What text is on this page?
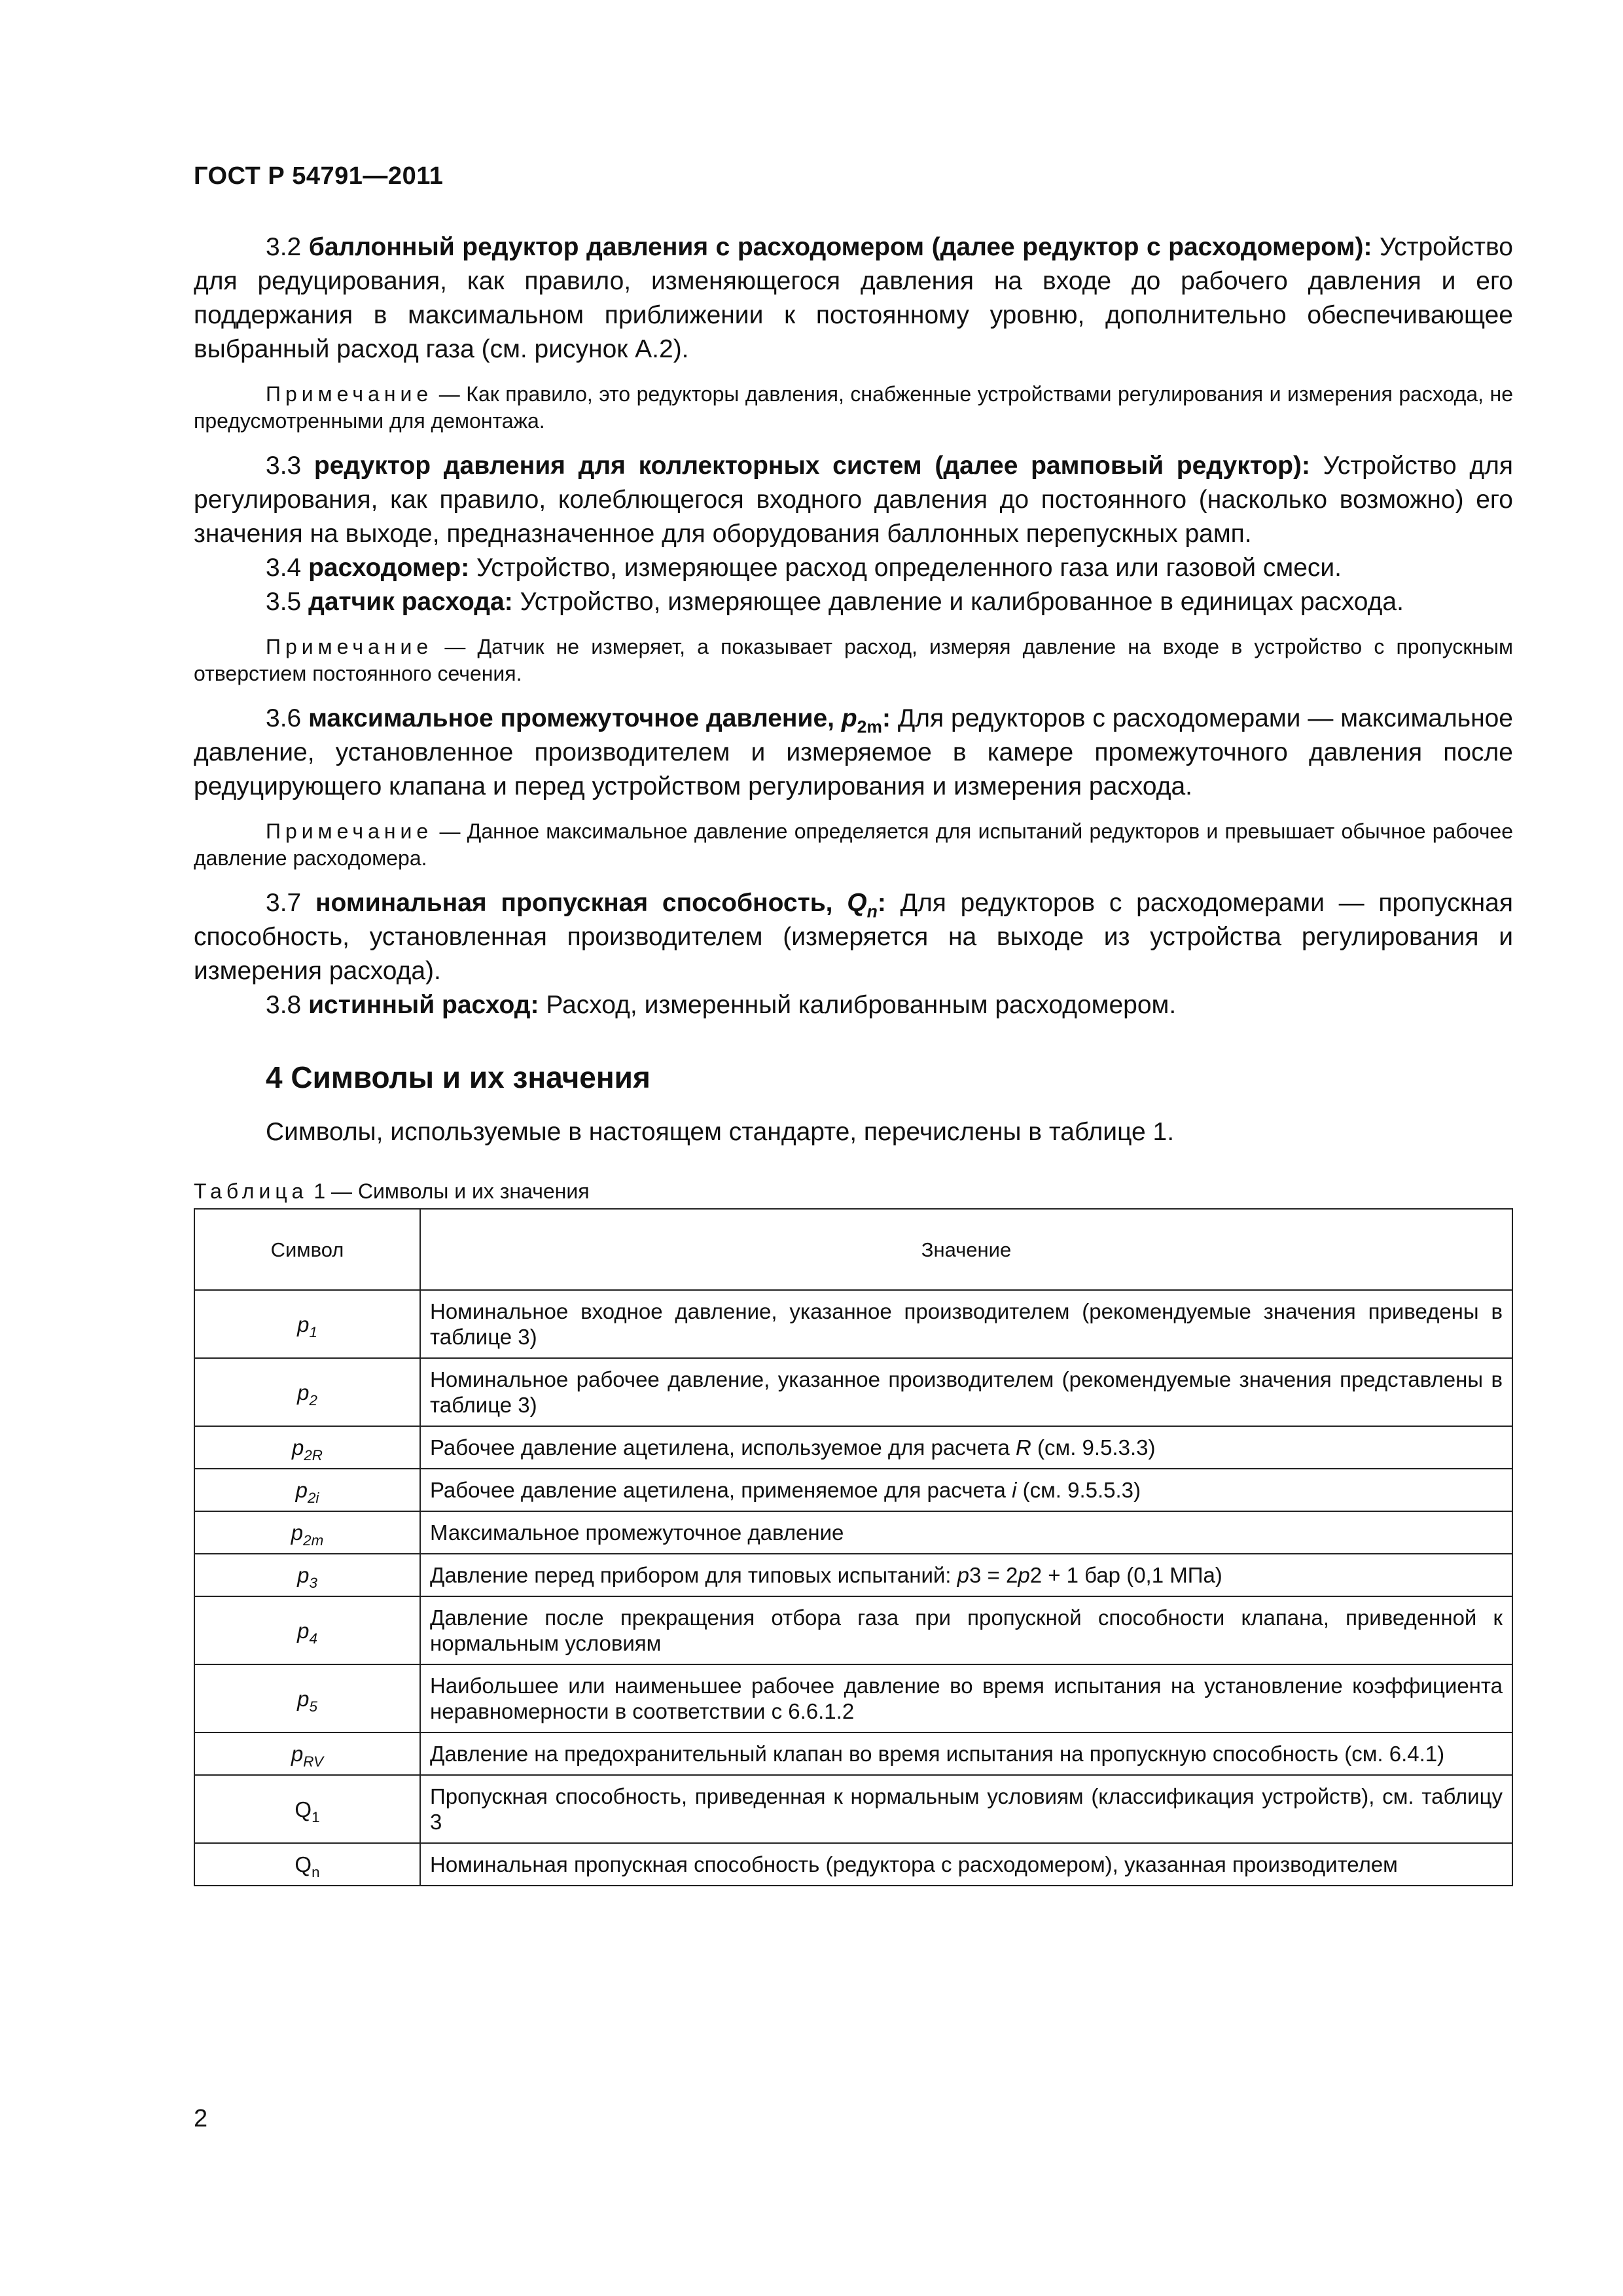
ГОСТ Р 54791—2011

3.2 баллонный редуктор давления с расходомером (далее редуктор с расходомером): Устройство для редуцирования, как правило, изменяющегося давления на входе до рабочего давления и его поддержания в максимальном приближении к постоянному уровню, дополнительно обеспечивающее выбранный расход газа (см. рисунок А.2).

Примечание — Как правило, это редукторы давления, снабженные устройствами регулирования и измерения расхода, не предусмотренными для демонтажа.

3.3 редуктор давления для коллекторных систем (далее рамповый редуктор): Устройство для регулирования, как правило, колеблющегося входного давления до постоянного (насколько возможно) его значения на выходе, предназначенное для оборудования баллонных перепускных рамп.

3.4 расходомер: Устройство, измеряющее расход определенного газа или газовой смеси.

3.5 датчик расхода: Устройство, измеряющее давление и калиброванное в единицах расхода.

Примечание — Датчик не измеряет, а показывает расход, измеряя давление на входе в устройство с пропускным отверстием постоянного сечения.

3.6 максимальное промежуточное давление, $p_{2m}$: Для редукторов с расходомерами — максимальное давление, установленное производителем и измеряемое в камере промежуточного давления после редуцирующего клапана и перед устройством регулирования и измерения расхода.

Примечание — Данное максимальное давление определяется для испытаний редукторов и превышает обычное рабочее давление расходомера.

3.7 номинальная пропускная способность, $Q_n$: Для редукторов с расходомерами — пропускная способность, установленная производителем (измеряется на выходе из устройства регулирования и измерения расхода).

3.8 истинный расход: Расход, измеренный калиброванным расходомером.

4 Символы и их значения

Символы, используемые в настоящем стандарте, перечислены в таблице 1.

Таблица 1 — Символы и их значения
Символ	Значение
$p_1$	Номинальное входное давление, указанное производителем (рекомендуемые значения приведены в таблице 3)
$p_2$	Номинальное рабочее давление, указанное производителем (рекомендуемые значения представлены в таблице 3)
$p_{2R}$	Рабочее давление ацетилена, используемое для расчета R (см. 9.5.3.3)
$p_{2i}$	Рабочее давление ацетилена, применяемое для расчета i (см. 9.5.5.3)
$p_{2m}$	Максимальное промежуточное давление
$p_3$	Давление перед прибором для типовых испытаний: p3 = 2p2 + 1 бар (0,1 МПа)
$p_4$	Давление после прекращения отбора газа при пропускной способности клапана, приведенной к нормальным условиям
$p_5$	Наибольшее или наименьшее рабочее давление во время испытания на установление коэффициента неравномерности в соответствии с 6.6.1.2
$p_{RV}$	Давление на предохранительный клапан во время испытания на пропускную способность (см. 6.4.1)
$Q_1$	Пропускная способность, приведенная к нормальным условиям (классификация устройств), см. таблицу 3
$Q_n$	Номинальная пропускная способность (редуктора с расходомером), указанная производителем
2
